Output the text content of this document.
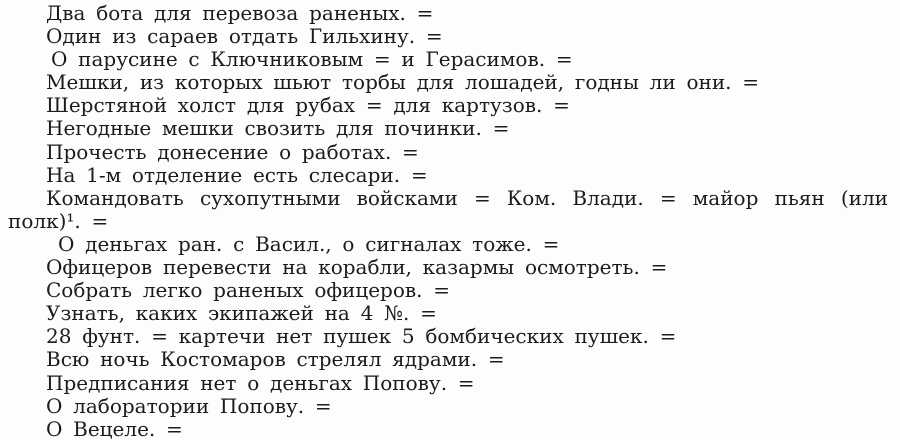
Два бота для перевоза раненых. =
Один из сараев отдать Гильхину. =
О парусине с Ключниковым = и Герасимов. =
Мешки, из которых шьют торбы для лошадей, годны ли они. =
Шерстяной холст для рубах = для картузов. =
Негодные мешки свозить для починки. =
Прочесть донесение о работах. =
На 1-м отделение есть слесари. =
Командовать сухопутными войсками = Ком. Влади. = майор пьян (или
полк)¹. =
О деньгах ран. с Васил., о сигналах тоже. =
Офицеров перевести на корабли, казармы осмотреть. =
Собрать легко раненых офицеров. =
Узнать, каких экипажей на 4 №. =
28 фунт. = картечи нет пушек 5 бомбических пушек. =
Всю ночь Костомаров стрелял ядрами. =
Предписания нет о деньгах Попову. =
О лаборатории Попову. =
О Вецеле. =
